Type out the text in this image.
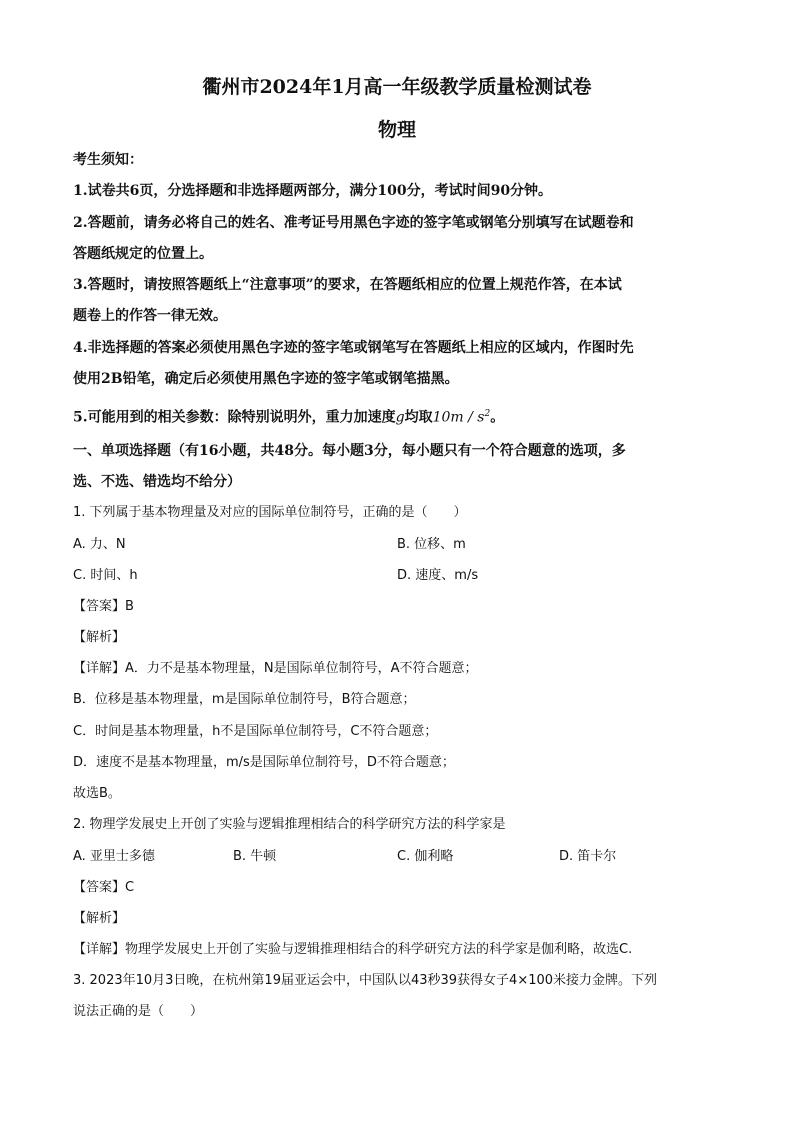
衢州市2024年1月高一年级教学质量检测试卷
物理
考生须知：
1.试卷共6页，分选择题和非选择题两部分，满分100分，考试时间90分钟。
2.答题前，请务必将自己的姓名、准考证号用黑色字迹的签字笔或钢笔分别填写在试题卷和
答题纸规定的位置上。
3.答题时，请按照答题纸上“注意事项”的要求，在答题纸相应的位置上规范作答，在本试
题卷上的作答一律无效。
4.非选择题的答案必须使用黑色字迹的签字笔或钢笔写在答题纸上相应的区域内，作图时先
使用2B铅笔，确定后必须使用黑色字迹的签字笔或钢笔描黑。
5.可能用到的相关参数：除特别说明外，重力加速度g均取$10m / s^2$。
一、单项选择题（有16小题，共48分。每小题3分，每小题只有一个符合题意的选项，多
选、不选、错选均不给分）
1. 下列属于基本物理量及对应的国际单位制符号，正确的是（　　）
A. 力、N	B. 位移、m
C. 时间、h	D. 速度、m/s
【答案】B
【解析】
【详解】A．力不是基本物理量，N是国际单位制符号，A不符合题意；
B．位移是基本物理量，m是国际单位制符号，B符合题意；
C．时间是基本物理量，h不是国际单位制符号，C不符合题意；
D．速度不是基本物理量，m/s是国际单位制符号，D不符合题意；
故选B。
2. 物理学发展史上开创了实验与逻辑推理相结合的科学研究方法的科学家是
A. 亚里士多德	B. 牛顿	C. 伽利略	D. 笛卡尔
【答案】C
【解析】
【详解】物理学发展史上开创了实验与逻辑推理相结合的科学研究方法的科学家是伽利略，故选C.
3. 2023年10月3日晚，在杭州第19届亚运会中，中国队以43秒39获得女子4×100米接力金牌。下列
说法正确的是（　　）
